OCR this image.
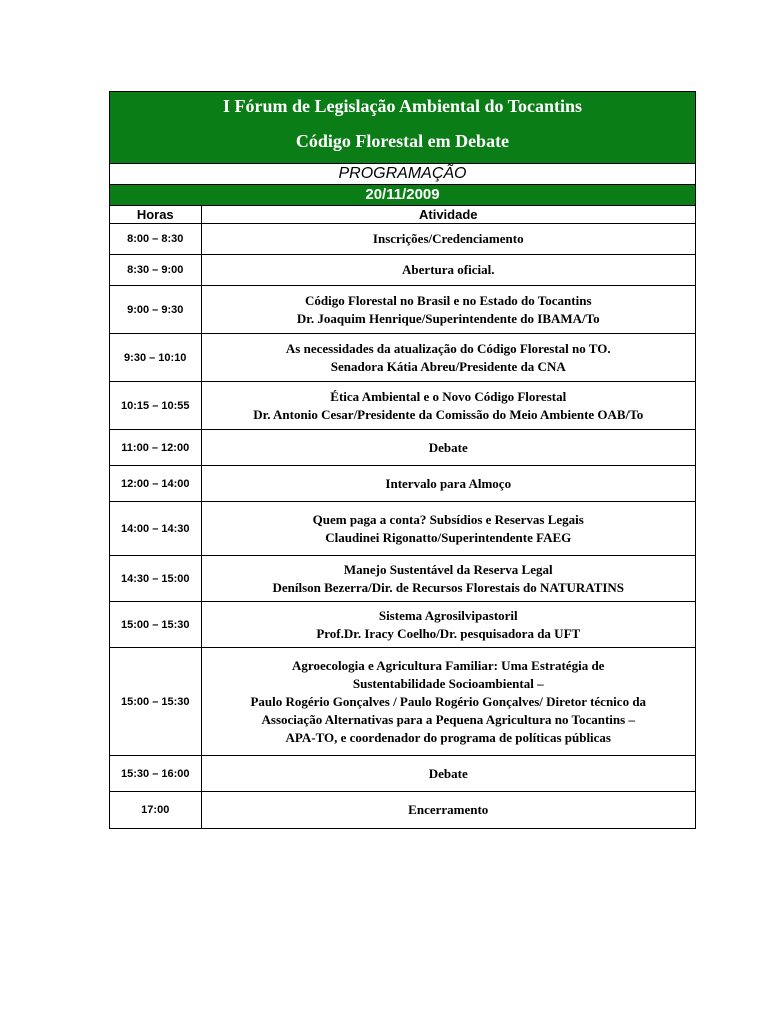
I Fórum de Legislação Ambiental do Tocantins
Código Florestal em Debate
PROGRAMAÇÃO
20/11/2009
Horas	Atividade
8:00 – 8:30	Inscrições/Credenciamento

8:30 – 9:00	Abertura oficial.

9:00 – 9:30	Código Florestal no Brasil e no Estado do Tocantins
Dr. Joaquim Henrique/Superintendente do IBAMA/To

9:30 – 10:10	As necessidades da atualização do Código Florestal no TO.
Senadora Kátia Abreu/Presidente da CNA

10:15 – 10:55	Ética Ambiental e o Novo Código Florestal
Dr. Antonio Cesar/Presidente da Comissão do Meio Ambiente OAB/To

11:00 – 12:00	Debate

12:00 – 14:00	Intervalo para Almoço

14:00 – 14:30	Quem paga a conta? Subsídios e Reservas Legais
Claudinei Rigonatto/Superintendente FAEG

14:30 – 15:00	Manejo Sustentável da Reserva Legal
Denílson Bezerra/Dir. de Recursos Florestais do NATURATINS

15:00 – 15:30	Sistema Agrosilvipastoril
Prof.Dr. Iracy Coelho/Dr. pesquisadora da UFT

15:00 – 15:30	Agroecologia e Agricultura Familiar: Uma Estratégia de
Sustentabilidade Socioambiental –
Paulo Rogério Gonçalves / Paulo Rogério Gonçalves/ Diretor técnico da
Associação Alternativas para a Pequena Agricultura no Tocantins –
APA-TO, e coordenador do programa de políticas públicas

15:30 – 16:00	Debate

17:00	Encerramento
